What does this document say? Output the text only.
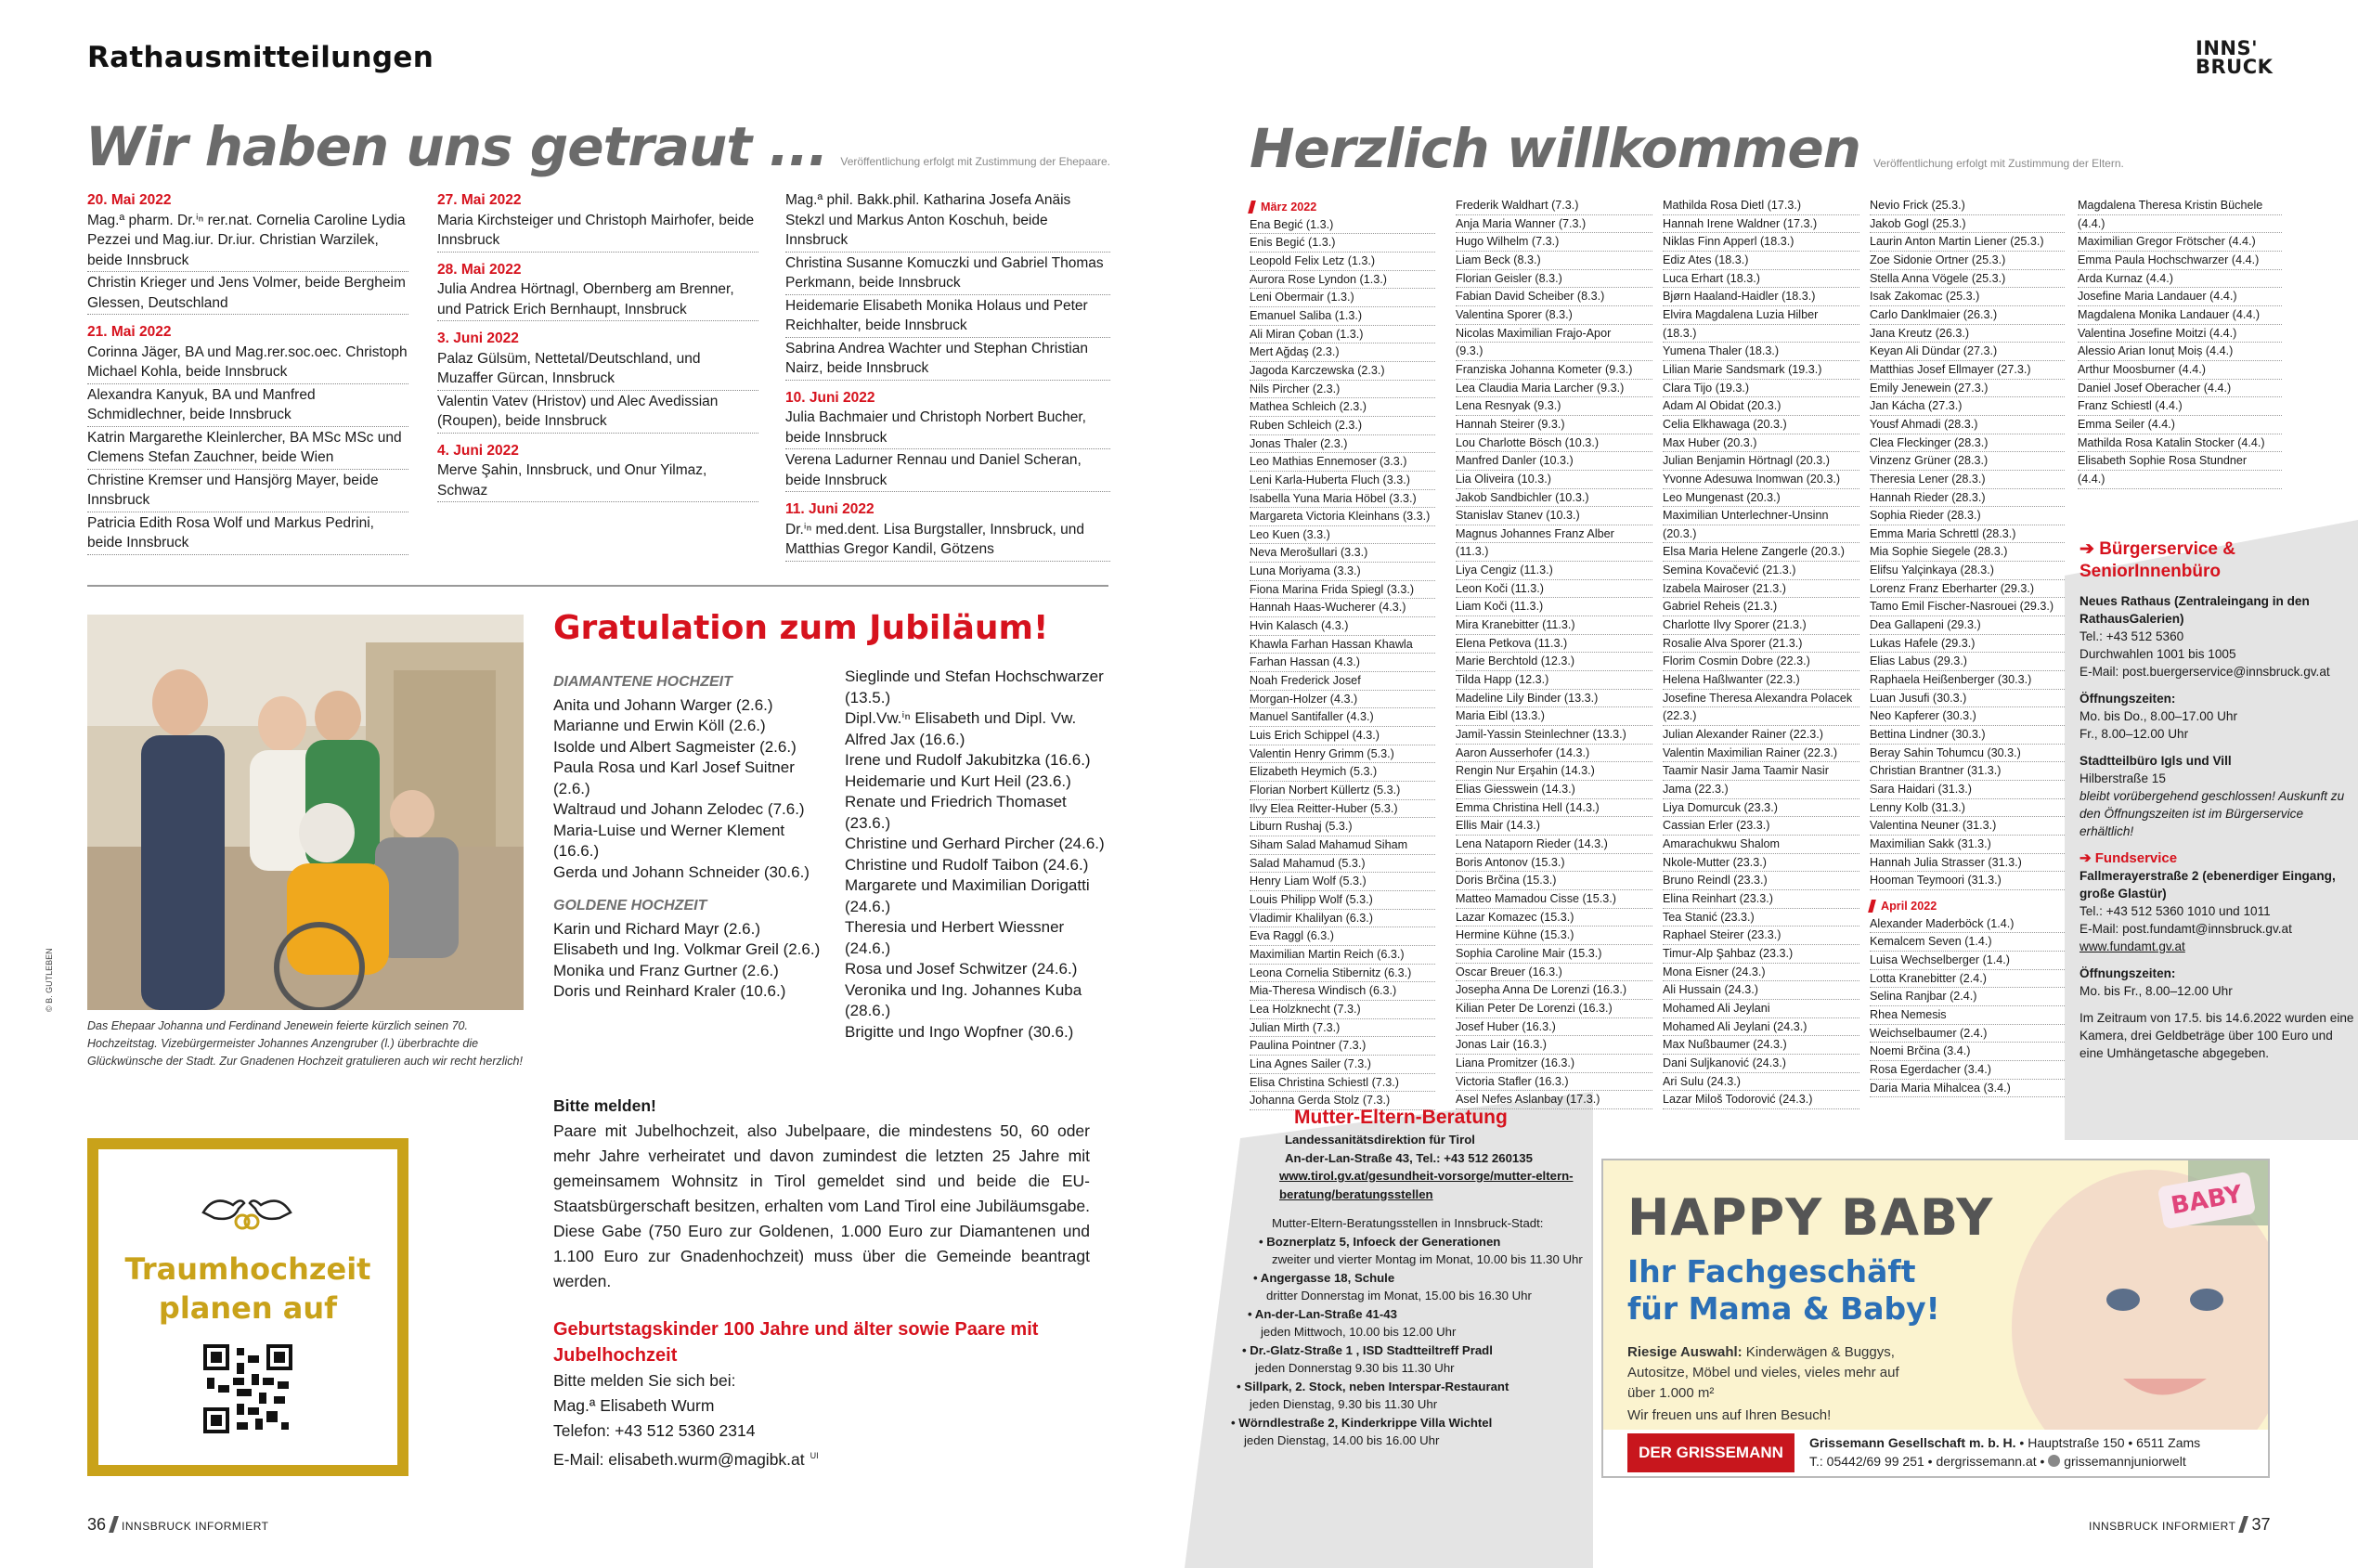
Rathausmitteilungen
Wir haben uns getraut ... Veröffentlichung erfolgt mit Zustimmung der Ehepaare.
20. Mai 2022
Mag.ª pharm. Dr.ⁱⁿ rer.nat. Cornelia Caroline Lydia Pezzei und Mag.iur. Dr.iur. Christian Warzilek, beide Innsbruck
Christin Krieger und Jens Volmer, beide Bergheim Glessen, Deutschland
21. Mai 2022
Corinna Jäger, BA und Mag.rer.soc.oec. Christoph Michael Kohla, beide Innsbruck
Alexandra Kanyuk, BA und Manfred Schmidlechner, beide Innsbruck
Katrin Margarethe Kleinlercher, BA MSc MSc und Clemens Stefan Zauchner, beide Wien
Christine Kremser und Hansjörg Mayer, beide Innsbruck
Patricia Edith Rosa Wolf und Markus Pedrini, beide Innsbruck
27. Mai 2022
Maria Kirchsteiger und Christoph Mairhofer, beide Innsbruck
28. Mai 2022
Julia Andrea Hörtnagl, Obernberg am Brenner, und Patrick Erich Bernhaupt, Innsbruck
3. Juni 2022
Palaz Gülsüm, Nettetal/Deutschland, und Muzaffer Gürcan, Innsbruck
Valentin Vatev (Hristov) und Alec Avedissian (Roupen), beide Innsbruck
4. Juni 2022
Merve Şahin, Innsbruck, und Onur Yilmaz, Schwaz
Mag.ª phil. Bakk.phil. Katharina Josefa Anäis Stekzl und Markus Anton Koschuh, beide Innsbruck
Christina Susanne Komuczki und Gabriel Thomas Perkmann, beide Innsbruck
Heidemarie Elisabeth Monika Holaus und Peter Reichhalter, beide Innsbruck
Sabrina Andrea Wachter und Stephan Christian Nairz, beide Innsbruck
10. Juni 2022
Julia Bachmaier und Christoph Norbert Bucher, beide Innsbruck
Verena Ladurner Rennau und Daniel Scheran, beide Innsbruck
11. Juni 2022
Dr.ⁱⁿ med.dent. Lisa Burgstaller, Innsbruck, und Matthias Gregor Kandil, Götzens
© B. GUTLEBEN
Das Ehepaar Johanna und Ferdinand Jenewein feierte kürzlich seinen 70. Hochzeitstag. Vizebürgermeister Johannes Anzengruber (l.) überbrachte die Glückwünsche der Stadt. Zur Gnadenen Hochzeit gratulieren auch wir recht herzlich!
Gratulation zum Jubiläum!
DIAMANTENE HOCHZEIT
Anita und Johann Warger (2.6.)
Marianne und Erwin Köll (2.6.)
Isolde und Albert Sagmeister (2.6.)
Paula Rosa und Karl Josef Suitner (2.6.)
Waltraud und Johann Zelodec (7.6.)
Maria-Luise und Werner Klement (16.6.)
Gerda und Johann Schneider (30.6.)
GOLDENE HOCHZEIT
Karin und Richard Mayr (2.6.)
Elisabeth und Ing. Volkmar Greil (2.6.)
Monika und Franz Gurtner (2.6.)
Doris und Reinhard Kraler (10.6.)
Sieglinde und Stefan Hochschwarzer (13.5.)
Dipl.Vw.ⁱⁿ Elisabeth und Dipl. Vw. Alfred Jax (16.6.)
Irene und Rudolf Jakubitzka (16.6.)
Heidemarie und Kurt Heil (23.6.)
Renate und Friedrich Thomaset (23.6.)
Christine und Gerhard Pircher (24.6.)
Christine und Rudolf Taibon (24.6.)
Margarete und Maximilian Dorigatti (24.6.)
Theresia und Herbert Wiessner (24.6.)
Rosa und Josef Schwitzer (24.6.)
Veronika und Ing. Johannes Kuba (28.6.)
Brigitte und Ingo Wopfner (30.6.)
Bitte melden!
Paare mit Jubelhochzeit, also Jubelpaare, die mindestens 50, 60 oder mehr Jahre verheiratet und davon zumindest die letzten 25 Jahre mit gemeinsamem Wohnsitz in Tirol gemeldet sind und beide die EU-Staatsbürgerschaft besitzen, erhalten vom Land Tirol eine Jubiläumsgabe. Diese Gabe (750 Euro zur Goldenen, 1.000 Euro zur Diamantenen und 1.100 Euro zur Gnadenhochzeit) muss über die Gemeinde beantragt werden.
Geburtstagskinder 100 Jahre und älter sowie Paare mit Jubelhochzeit
Bitte melden Sie sich bei:
Mag.ª Elisabeth Wurm
Telefon: +43 512 5360 2314
E-Mail: elisabeth.wurm@magibk.at $^{UI}$
Traumhochzeit planen auf
36 INNSBRUCK INFORMIERT
INNS' BRUCK
Herzlich willkommen Veröffentlichung erfolgt mit Zustimmung der Eltern.
März 2022
Ena Begić (1.3.)
Enis Begić (1.3.)
Leopold Felix Letz (1.3.)
Aurora Rose Lyndon (1.3.)
Leni Obermair (1.3.)
Emanuel Saliba (1.3.)
Ali Miran Çoban (1.3.)
Mert Ağdaş (2.3.)
Jagoda Karczewska (2.3.)
Nils Pircher (2.3.)
Mathea Schleich (2.3.)
Ruben Schleich (2.3.)
Jonas Thaler (2.3.)
Leo Mathias Ennemoser (3.3.)
Leni Karla-Huberta Fluch (3.3.)
Isabella Yuna Maria Höbel (3.3.)
Margareta Victoria Kleinhans (3.3.)
Leo Kuen (3.3.)
Neva Merošullari (3.3.)
Luna Moriyama (3.3.)
Fiona Marina Frida Spiegl (3.3.)
Hannah Haas-Wucherer (4.3.)
Hvin Kalasch (4.3.)
Khawla Farhan Hassan Khawla
Farhan Hassan (4.3.)
Noah Frederick Josef
Morgan-Holzer (4.3.)
Manuel Santifaller (4.3.)
Luis Erich Schippel (4.3.)
Valentin Henry Grimm (5.3.)
Elizabeth Heymich (5.3.)
Florian Norbert Küllertz (5.3.)
Ilvy Elea Reitter-Huber (5.3.)
Liburn Rushaj (5.3.)
Siham Salad Mahamud Siham
Salad Mahamud (5.3.)
Henry Liam Wolf (5.3.)
Louis Philipp Wolf (5.3.)
Vladimir Khalilyan (6.3.)
Eva Raggl (6.3.)
Maximilian Martin Reich (6.3.)
Leona Cornelia Stibernitz (6.3.)
Mia-Theresa Windisch (6.3.)
Lea Holzknecht (7.3.)
Julian Mirth (7.3.)
Paulina Pointner (7.3.)
Lina Agnes Sailer (7.3.)
Elisa Christina Schiestl (7.3.)
Johanna Gerda Stolz (7.3.)
Frederik Waldhart (7.3.)
Anja Maria Wanner (7.3.)
Hugo Wilhelm (7.3.)
Liam Beck (8.3.)
Florian Geisler (8.3.)
Fabian David Scheiber (8.3.)
Valentina Sporer (8.3.)
Nicolas Maximilian Frajo-Apor
(9.3.)
Franziska Johanna Kometer (9.3.)
Lea Claudia Maria Larcher (9.3.)
Lena Resnyak (9.3.)
Hannah Steirer (9.3.)
Lou Charlotte Bösch (10.3.)
Manfred Danler (10.3.)
Lia Oliveira (10.3.)
Jakob Sandbichler (10.3.)
Stanislav Stanev (10.3.)
Magnus Johannes Franz Alber
(11.3.)
Liya Cengiz (11.3.)
Leon Koči (11.3.)
Liam Koči (11.3.)
Mira Kranebitter (11.3.)
Elena Petkova (11.3.)
Marie Berchtold (12.3.)
Tilda Happ (12.3.)
Madeline Lily Binder (13.3.)
Maria Eibl (13.3.)
Jamil-Yassin Steinlechner (13.3.)
Aaron Ausserhofer (14.3.)
Rengin Nur Erşahin (14.3.)
Elias Giesswein (14.3.)
Emma Christina Hell (14.3.)
Ellis Mair (14.3.)
Lena Nataporn Rieder (14.3.)
Boris Antonov (15.3.)
Doris Brčina (15.3.)
Matteo Mamadou Cisse (15.3.)
Lazar Komazec (15.3.)
Hermine Kühne (15.3.)
Sophia Caroline Mair (15.3.)
Oscar Breuer (16.3.)
Josepha Anna De Lorenzi (16.3.)
Kilian Peter De Lorenzi (16.3.)
Josef Huber (16.3.)
Jonas Lair (16.3.)
Liana Promitzer (16.3.)
Victoria Stafler (16.3.)
Asel Nefes Aslanbay (17.3.)
Mathilda Rosa Dietl (17.3.)
Hannah Irene Waldner (17.3.)
Niklas Finn Apperl (18.3.)
Ediz Ates (18.3.)
Luca Erhart (18.3.)
Bjørn Haaland-Haidler (18.3.)
Elvira Magdalena Luzia Hilber
(18.3.)
Yumena Thaler (18.3.)
Lilian Marie Sandsmark (19.3.)
Clara Tijo (19.3.)
Adam Al Obidat (20.3.)
Celia Elkhawaga (20.3.)
Max Huber (20.3.)
Julian Benjamin Hörtnagl (20.3.)
Yvonne Adesuwa Inomwan (20.3.)
Leo Mungenast (20.3.)
Maximilian Unterlechner-Unsinn
(20.3.)
Elsa Maria Helene Zangerle (20.3.)
Semina Kovačević (21.3.)
Izabela Mairoser (21.3.)
Gabriel Reheis (21.3.)
Charlotte Ilvy Sporer (21.3.)
Rosalie Alva Sporer (21.3.)
Florim Cosmin Dobre (22.3.)
Helena Haßlwanter (22.3.)
Josefine Theresa Alexandra Polacek
(22.3.)
Julian Alexander Rainer (22.3.)
Valentin Maximilian Rainer (22.3.)
Taamir Nasir Jama Taamir Nasir
Jama (22.3.)
Liya Domurcuk (23.3.)
Cassian Erler (23.3.)
Amarachukwu Shalom
Nkole-Mutter (23.3.)
Bruno Reindl (23.3.)
Elina Reinhart (23.3.)
Tea Stanić (23.3.)
Raphael Steirer (23.3.)
Timur-Alp Şahbaz (23.3.)
Mona Eisner (24.3.)
Ali Hussain (24.3.)
Mohamed Ali Jeylani
Mohamed Ali Jeylani (24.3.)
Max Nußbaumer (24.3.)
Dani Suljkanović (24.3.)
Ari Sulu (24.3.)
Lazar Miloš Todorović (24.3.)
Nevio Frick (25.3.)
Jakob Gogl (25.3.)
Laurin Anton Martin Liener (25.3.)
Zoe Sidonie Ortner (25.3.)
Stella Anna Vögele (25.3.)
Isak Zakomac (25.3.)
Carlo Danklmaier (26.3.)
Jana Kreutz (26.3.)
Keyan Ali Dündar (27.3.)
Matthias Josef Ellmayer (27.3.)
Emily Jenewein (27.3.)
Jan Kácha (27.3.)
Yousf Ahmadi (28.3.)
Clea Fleckinger (28.3.)
Vinzenz Grüner (28.3.)
Theresia Lener (28.3.)
Hannah Rieder (28.3.)
Sophia Rieder (28.3.)
Emma Maria Schrettl (28.3.)
Mia Sophie Siegele (28.3.)
Elifsu Yalçinkaya (28.3.)
Lorenz Franz Eberharter (29.3.)
Tamo Emil Fischer-Nasrouei (29.3.)
Dea Gallapeni (29.3.)
Lukas Hafele (29.3.)
Elias Labus (29.3.)
Raphaela Heißenberger (30.3.)
Luan Jusufi (30.3.)
Neo Kapferer (30.3.)
Bettina Lindner (30.3.)
Beray Sahin Tohumcu (30.3.)
Christian Brantner (31.3.)
Sara Haidari (31.3.)
Lenny Kolb (31.3.)
Valentina Neuner (31.3.)
Maximilian Sakk (31.3.)
Hannah Julia Strasser (31.3.)
Hooman Teymoori (31.3.)
April 2022
Alexander Maderböck (1.4.)
Kemalcem Seven (1.4.)
Luisa Wechselberger (1.4.)
Lotta Kranebitter (2.4.)
Selina Ranjbar (2.4.)
Rhea Nemesis
Weichselbaumer (2.4.)
Noemi Brčina (3.4.)
Rosa Egerdacher (3.4.)
Daria Maria Mihalcea (3.4.)
Magdalena Theresa Kristin Büchele
(4.4.)
Maximilian Gregor Frötscher (4.4.)
Emma Paula Hochschwarzer (4.4.)
Arda Kurnaz (4.4.)
Josefine Maria Landauer (4.4.)
Magdalena Monika Landauer (4.4.)
Valentina Josefine Moitzi (4.4.)
Alessio Arian Ionuț Moiș (4.4.)
Arthur Moosburner (4.4.)
Daniel Josef Oberacher (4.4.)
Franz Schiestl (4.4.)
Emma Seiler (4.4.)
Mathilda Rosa Katalin Stocker (4.4.)
Elisabeth Sophie Rosa Stundner
(4.4.)
➔ Bürgerservice & SeniorInnenbüro
Neues Rathaus (Zentraleingang in den RathausGalerien)
Tel.: +43 512 5360
Durchwahlen 1001 bis 1005
E-Mail: post.buergerservice@innsbruck.gv.at
Öffnungszeiten:
Mo. bis Do., 8.00–17.00 Uhr
Fr., 8.00–12.00 Uhr
Stadtteilbüro Igls und Vill
Hilberstraße 15
bleibt vorübergehend geschlossen! Auskunft zu den Öffnungszeiten ist im Bürgerservice erhältlich!
➔ Fundservice
Fallmerayerstraße 2 (ebenerdiger Eingang, große Glastür)
Tel.: +43 512 5360 1010 und 1011
E-Mail: post.fundamt@innsbruck.gv.at
www.fundamt.gv.at
Öffnungszeiten:
Mo. bis Fr., 8.00–12.00 Uhr
Im Zeitraum von 17.5. bis 14.6.2022 wurden eine Kamera, drei Geldbeträge über 100 Euro und eine Umhängetasche abgegeben.
Mutter-Eltern-Beratung
Landessanitätsdirektion für Tirol
An-der-Lan-Straße 43, Tel.: +43 512 260135
www.tirol.gv.at/gesundheit-vorsorge/mutter-eltern-beratung/beratungsstellen
Mutter-Eltern-Beratungsstellen in Innsbruck-Stadt:
• Boznerplatz 5, Infoeck der Generationen
zweiter und vierter Montag im Monat, 10.00 bis 11.30 Uhr
• Angergasse 18, Schule
dritter Donnerstag im Monat, 15.00 bis 16.30 Uhr
• An-der-Lan-Straße 41-43
jeden Mittwoch, 10.00 bis 12.00 Uhr
• Dr.-Glatz-Straße 1 , ISD Stadtteiltreff Pradl
jeden Donnerstag 9.30 bis 11.30 Uhr
• Sillpark, 2. Stock, neben Interspar-Restaurant
jeden Dienstag, 9.30 bis 11.30 Uhr
• Wörndlestraße 2, Kinderkrippe Villa Wichtel
jeden Dienstag, 14.00 bis 16.00 Uhr
HAPPY BABY
Ihr Fachgeschäft für Mama & Baby!
Riesige Auswahl: Kinderwägen & Buggys, Autositze, Möbel und vieles, vieles mehr auf über 1.000 m²
Wir freuen uns auf Ihren Besuch!
DER GRISSEMANN
Grissemann Gesellschaft m. b. H. • Hauptstraße 150 • 6511 Zams
T.: 05442/69 99 251 • dergrissemann.at •  grissemannjuniorwelt
BABY
INNSBRUCK INFORMIERT 37
